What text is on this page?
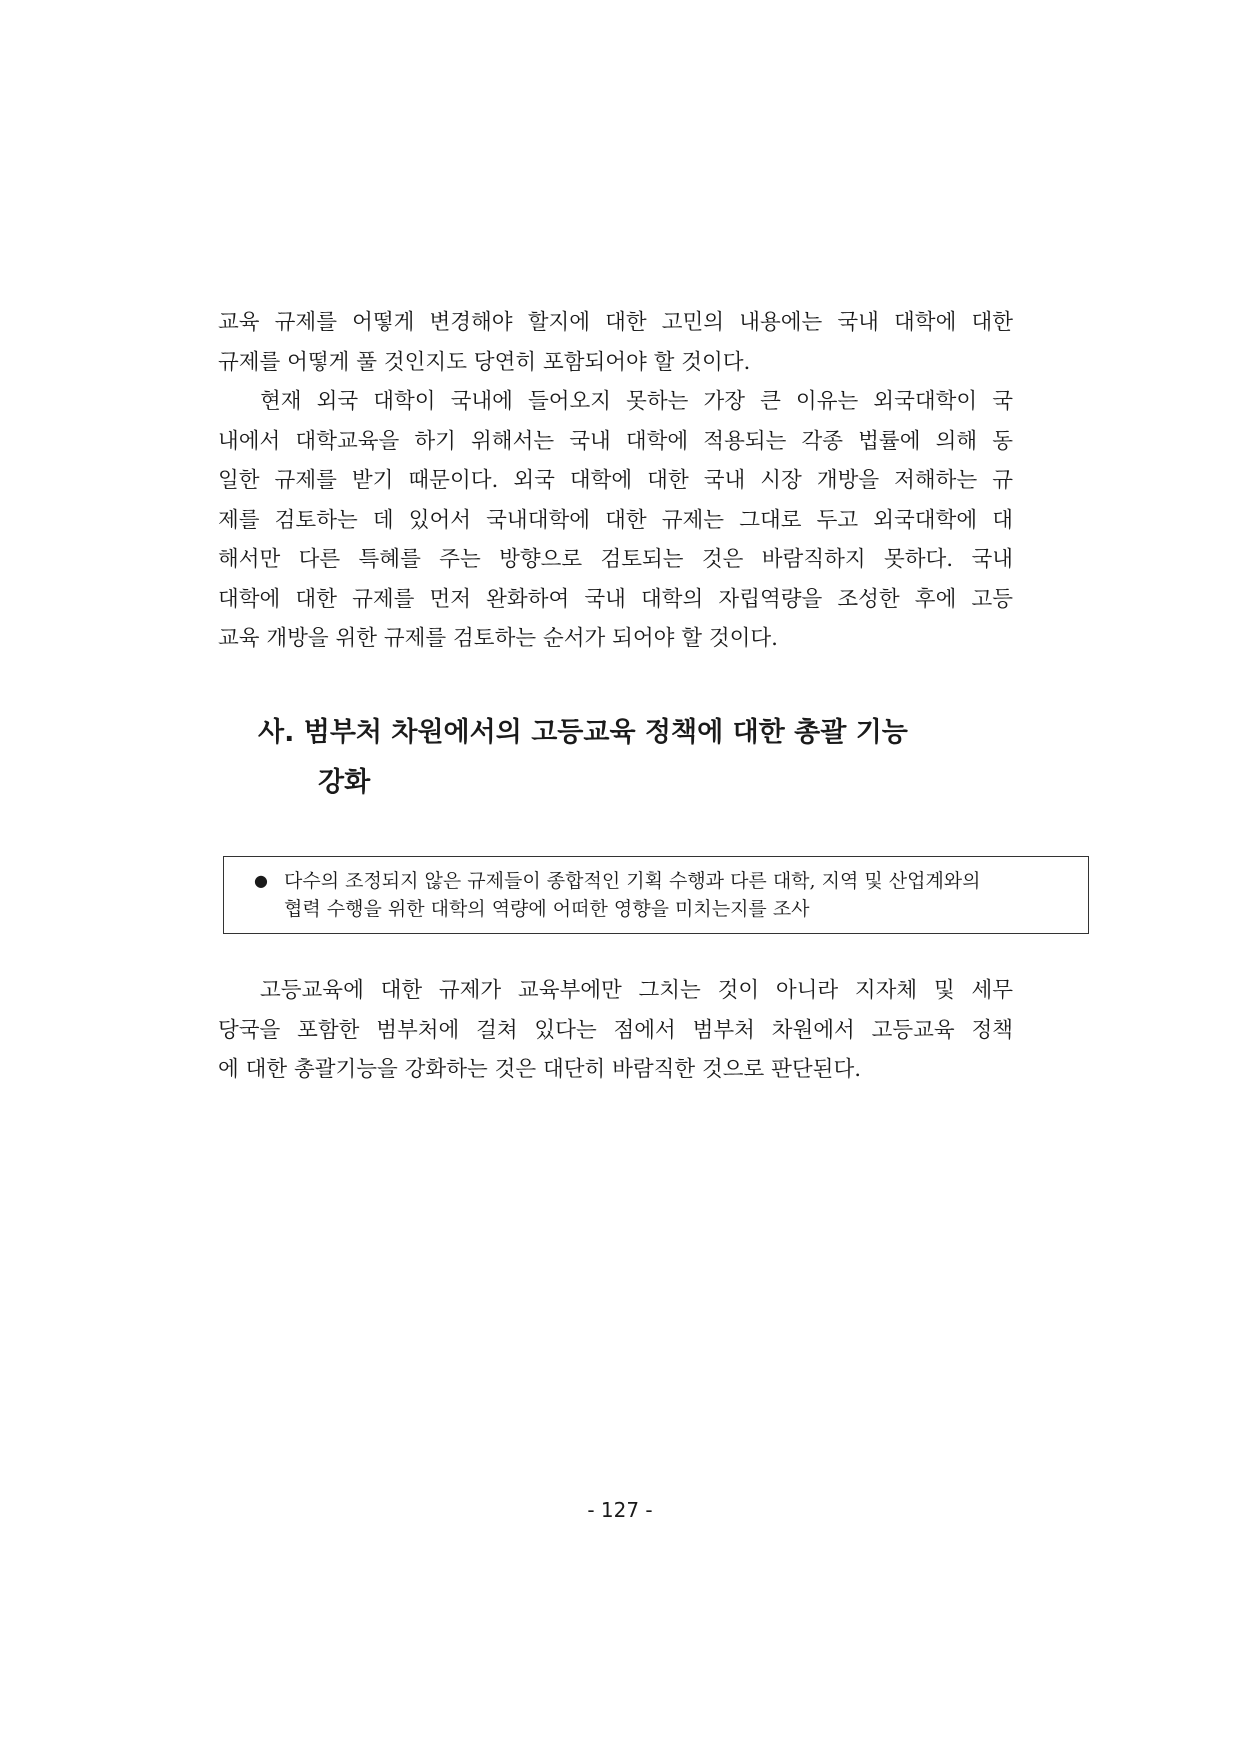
교육 규제를 어떻게 변경해야 할지에 대한 고민의 내용에는 국내 대학에 대한

규제를 어떻게 풀 것인지도 당연히 포함되어야 할 것이다.

현재 외국 대학이 국내에 들어오지 못하는 가장 큰 이유는 외국대학이 국

내에서 대학교육을 하기 위해서는 국내 대학에 적용되는 각종 법률에 의해 동

일한 규제를 받기 때문이다. 외국 대학에 대한 국내 시장 개방을 저해하는 규

제를 검토하는 데 있어서 국내대학에 대한 규제는 그대로 두고 외국대학에 대

해서만 다른 특혜를 주는 방향으로 검토되는 것은 바람직하지 못하다. 국내

대학에 대한 규제를 먼저 완화하여 국내 대학의 자립역량을 조성한 후에 고등

교육 개방을 위한 규제를 검토하는 순서가 되어야 할 것이다.

사. 범부처 차원에서의 고등교육 정책에 대한 총괄 기능
강화
● 다수의 조정되지 않은 규제들이 종합적인 기획 수행과 다른 대학, 지역 및 산업계와의
협력 수행을 위한 대학의 역량에 어떠한 영향을 미치는지를 조사

고등교육에 대한 규제가 교육부에만 그치는 것이 아니라 지자체 및 세무

당국을 포함한 범부처에 걸쳐 있다는 점에서 범부처 차원에서 고등교육 정책

에 대한 총괄기능을 강화하는 것은 대단히 바람직한 것으로 판단된다.

- 127 -
